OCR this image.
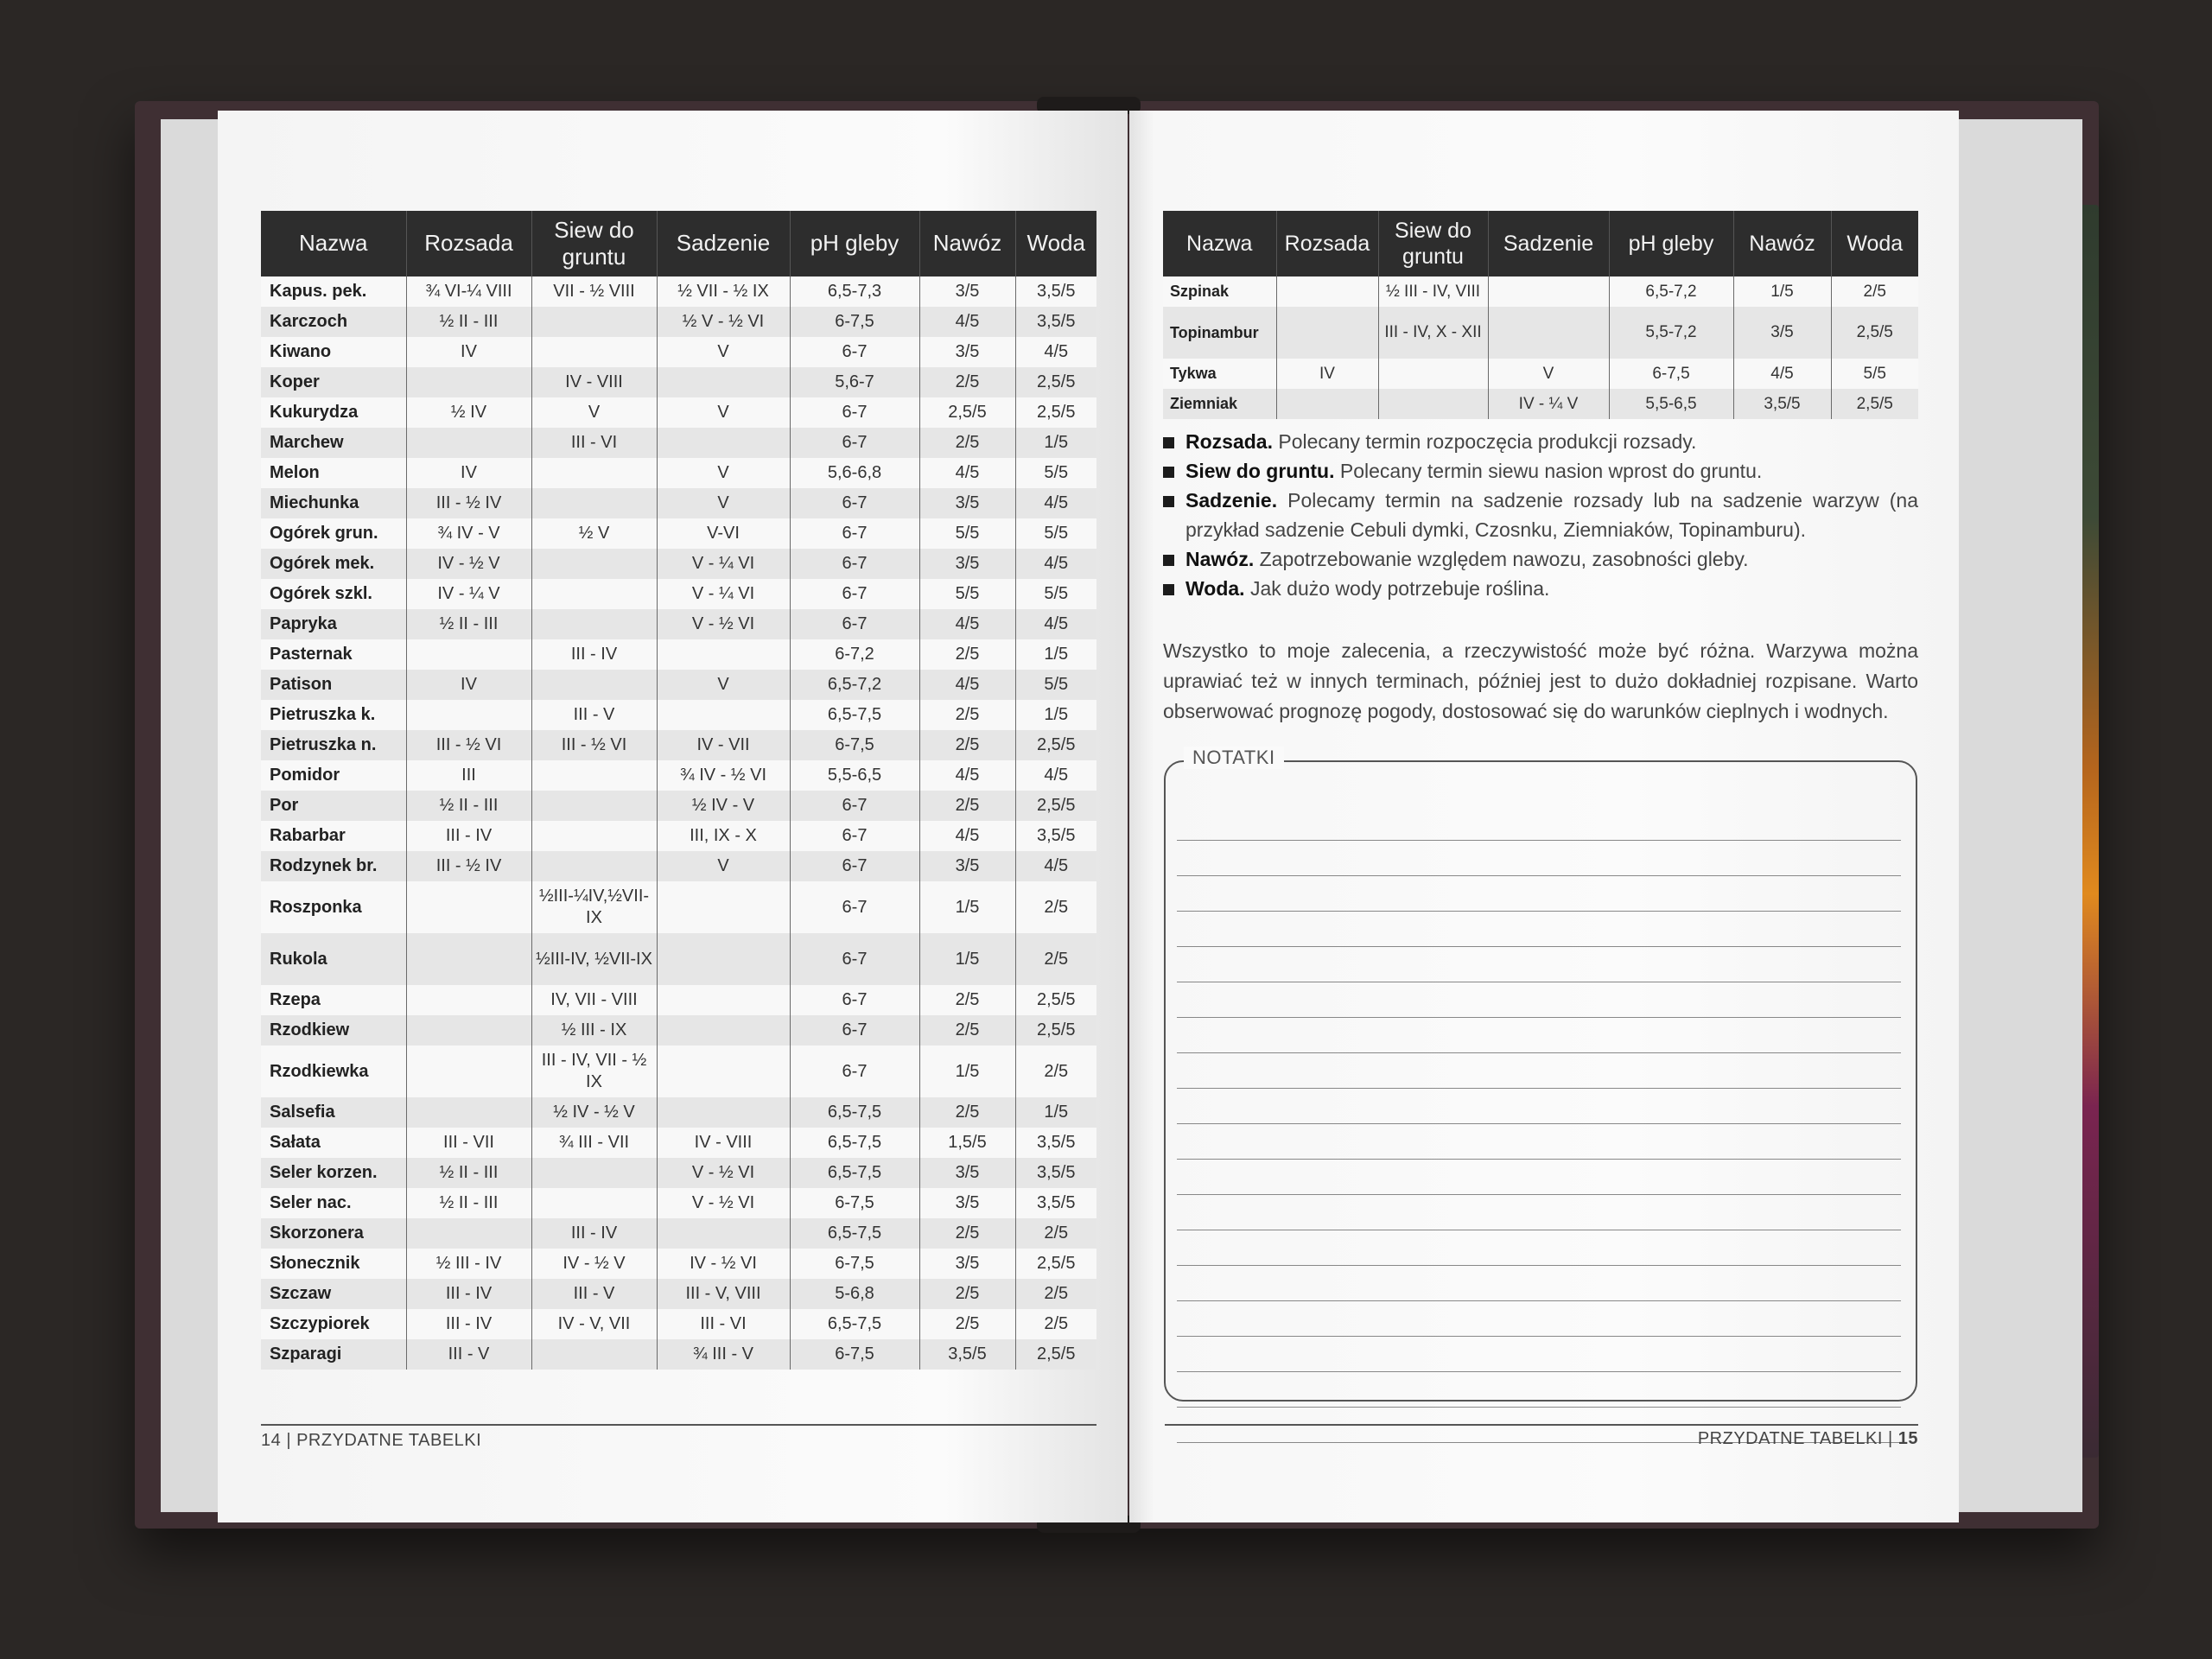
Nazwa	Rozsada	Siew do gruntu	Sadzenie	pH gleby	Nawóz	Woda
Kapus. pek.	¾ VI-¼ VIII	VII - ½ VIII	½ VII - ½ IX	6,5-7,3	3/5	3,5/5
Karczoch	½ II - III		½ V - ½ VI	6-7,5	4/5	3,5/5
Kiwano	IV		V	6-7	3/5	4/5
Koper		IV - VIII		5,6-7	2/5	2,5/5
Kukurydza	½ IV	V	V	6-7	2,5/5	2,5/5
Marchew		III - VI		6-7	2/5	1/5
Melon	IV		V	5,6-6,8	4/5	5/5
Miechunka	III - ½ IV		V	6-7	3/5	4/5
Ogórek grun.	¾ IV - V	½ V	V-VI	6-7	5/5	5/5
Ogórek mek.	IV - ½ V		V - ¼ VI	6-7	3/5	4/5
Ogórek szkl.	IV - ¼ V		V - ¼ VI	6-7	5/5	5/5
Papryka	½ II - III		V - ½ VI	6-7	4/5	4/5
Pasternak		III - IV		6-7,2	2/5	1/5
Patison	IV		V	6,5-7,2	4/5	5/5
Pietruszka k.		III - V		6,5-7,5	2/5	1/5
Pietruszka n.	III - ½ VI	III - ½ VI	IV - VII	6-7,5	2/5	2,5/5
Pomidor	III		¾ IV - ½ VI	5,5-6,5	4/5	4/5
Por	½ II - III		½ IV - V	6-7	2/5	2,5/5
Rabarbar	III - IV		III, IX - X	6-7	4/5	3,5/5
Rodzynek br.	III - ½ IV		V	6-7	3/5	4/5
Roszponka		½III-¼IV,½VII-IX		6-7	1/5	2/5
Rukola		½III-IV, ½VII-IX		6-7	1/5	2/5
Rzepa		IV, VII - VIII		6-7	2/5	2,5/5
Rzodkiew		½ III - IX		6-7	2/5	2,5/5
Rzodkiewka		III - IV, VII - ½ IX		6-7	1/5	2/5
Salsefia		½ IV - ½ V		6,5-7,5	2/5	1/5
Sałata	III - VII	¾ III - VII	IV - VIII	6,5-7,5	1,5/5	3,5/5
Seler korzen.	½ II - III		V - ½ VI	6,5-7,5	3/5	3,5/5
Seler nac.	½ II - III		V - ½ VI	6-7,5	3/5	3,5/5
Skorzonera		III - IV		6,5-7,5	2/5	2/5
Słonecznik	½ III - IV	IV - ½ V	IV - ½ VI	6-7,5	3/5	2,5/5
Szczaw	III - IV	III - V	III - V, VIII	5-6,8	2/5	2/5
Szczypiorek	III - IV	IV - V, VII	III - VI	6,5-7,5	2/5	2/5
Szparagi	III - V		¾ III - V	6-7,5	3,5/5	2,5/5
Nazwa	Rozsada	Siew do gruntu	Sadzenie	pH gleby	Nawóz	Woda
Szpinak		½ III - IV, VIII		6,5-7,2	1/5	2/5
Topinambur		III - IV, X - XII		5,5-7,2	3/5	2,5/5
Tykwa	IV		V	6-7,5	4/5	5/5
Ziemniak			IV - ¼ V	5,5-6,5	3,5/5	2,5/5
Rozsada. Polecany termin rozpoczęcia produkcji rozsady.
Siew do gruntu. Polecany termin siewu nasion wprost do gruntu.
Sadzenie. Polecamy termin na sadzenie rozsady lub na sadzenie warzyw (na przykład sadzenie Cebuli dymki, Czosnku, Ziemniaków, Topinamburu).
Nawóz. Zapotrzebowanie względem nawozu, zasobności gleby.
Woda. Jak dużo wody potrzebuje roślina.
Wszystko to moje zalecenia, a rzeczywistość może być różna. Warzywa można uprawiać też w innych terminach, później jest to dużo dokładniej rozpisane. Warto obserwować prognozę pogody, dostosować się do warunków cieplnych i wodnych.
NOTATKI
14 | PRZYDATNE TABELKI	PRZYDATNE TABELKI | 15
